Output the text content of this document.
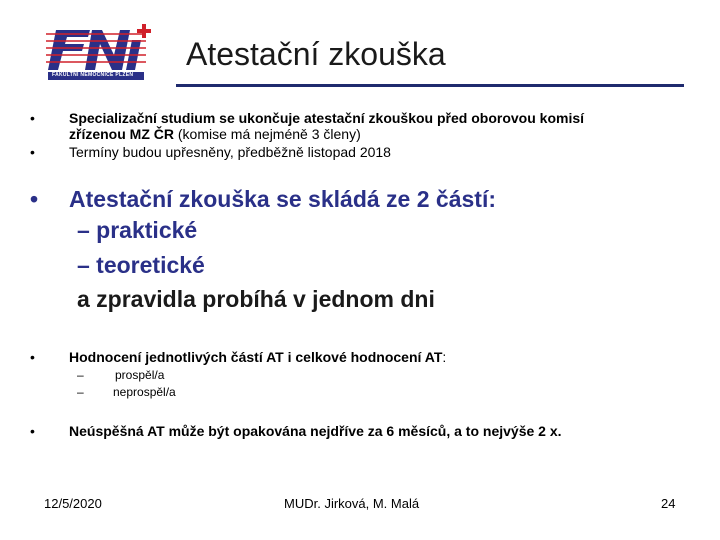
FAKULTNÍ NEMOCNICE PLZEŇ
Atestační zkouška
• Specializační studium se ukončuje atestační zkouškou před oborovou komisí
zřízenou MZ ČR (komise má nejméně 3 členy)
• Termíny budou upřesněny, předběžně listopad 2018
• Atestační zkouška se skládá ze 2 částí:
– praktické
– teoretické
a zpravidla probíhá v jednom dni
• Hodnocení jednotlivých částí AT i celkové hodnocení AT:
–	prospěl/a
– neprospěl/a
• Neúspěšná AT může být opakována nejdříve za 6 měsíců, a to nejvýše 2 x.
12/5/2020	MUDr. Jirková, M. Malá	24
